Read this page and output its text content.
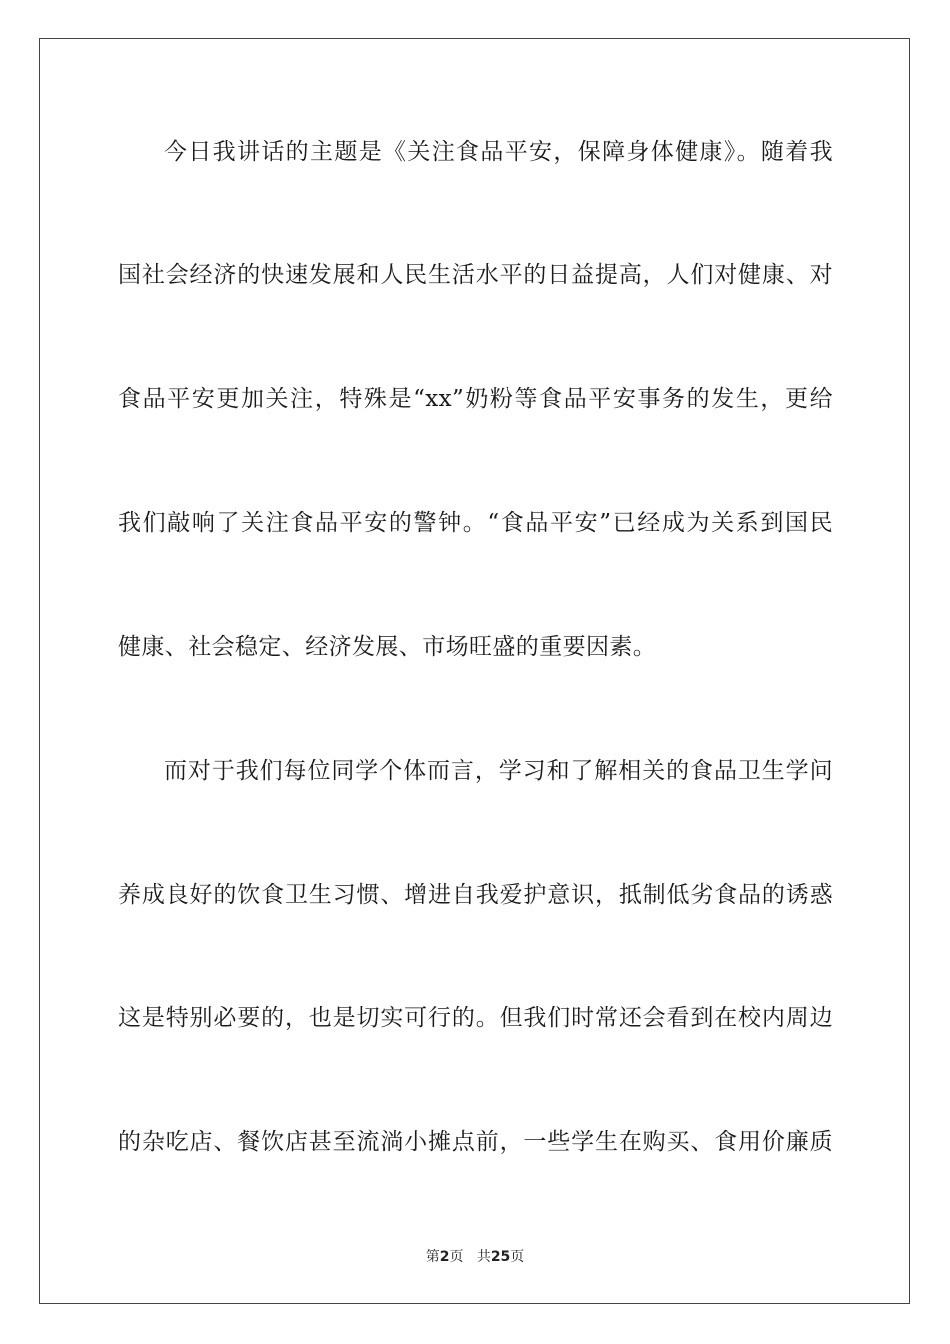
今日我讲话的主题是《关注食品平安，保障身体健康》。随着我
国社会经济的快速发展和人民生活水平的日益提高，人们对健康、对
食品平安更加关注，特殊是“xx”奶粉等食品平安事务的发生，更给
我们敲响了关注食品平安的警钟。“食品平安”已经成为关系到国民
健康、社会稳定、经济发展、市场旺盛的重要因素。
而对于我们每位同学个体而言，学习和了解相关的食品卫生学问
养成良好的饮食卫生习惯、增进自我爱护意识，抵制低劣食品的诱惑
这是特别必要的，也是切实可行的。但我们时常还会看到在校内周边
的杂吃店、餐饮店甚至流淌小摊点前，一些学生在购买、食用价廉质
第2页 共25页
